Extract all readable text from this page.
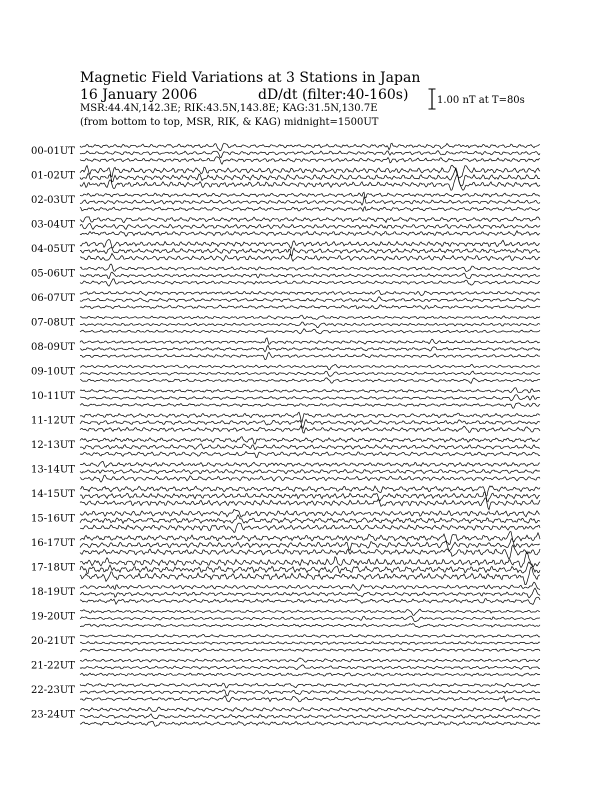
Magnetic Field Variations at 3 Stations in Japan
16 January 2006	dD/dt (filter:40-160s)
MSR:44.4N,142.3E; RIK:43.5N,143.8E; KAG:31.5N,130.7E
(from bottom to top, MSR, RIK, & KAG) midnight=1500UT
1.00 nT at T=80s
00-01UT
01-02UT
02-03UT
03-04UT
04-05UT
05-06UT
06-07UT
07-08UT
08-09UT
09-10UT
10-11UT
11-12UT
12-13UT
13-14UT
14-15UT
15-16UT
16-17UT
17-18UT
18-19UT
19-20UT
20-21UT
21-22UT
22-23UT
23-24UT
